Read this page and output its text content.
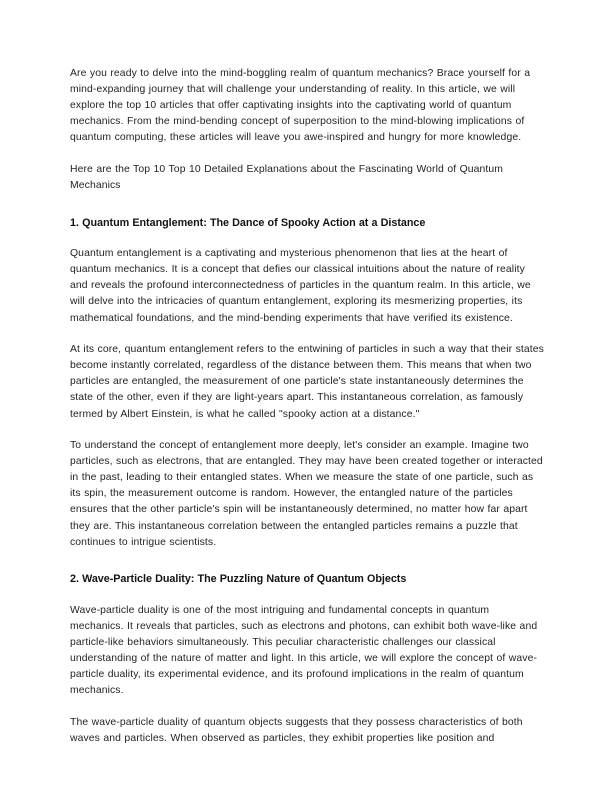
Are you ready to delve into the mind-boggling realm of quantum mechanics? Brace yourself for a mind-expanding journey that will challenge your understanding of reality. In this article, we will explore the top 10 articles that offer captivating insights into the captivating world of quantum mechanics. From the mind-bending concept of superposition to the mind-blowing implications of quantum computing, these articles will leave you awe-inspired and hungry for more knowledge.

Here are the Top 10 Top 10 Detailed Explanations about the Fascinating World of Quantum Mechanics

1. Quantum Entanglement: The Dance of Spooky Action at a Distance

Quantum entanglement is a captivating and mysterious phenomenon that lies at the heart of quantum mechanics. It is a concept that defies our classical intuitions about the nature of reality and reveals the profound interconnectedness of particles in the quantum realm. In this article, we will delve into the intricacies of quantum entanglement, exploring its mesmerizing properties, its mathematical foundations, and the mind-bending experiments that have verified its existence.

At its core, quantum entanglement refers to the entwining of particles in such a way that their states become instantly correlated, regardless of the distance between them. This means that when two particles are entangled, the measurement of one particle's state instantaneously determines the state of the other, even if they are light-years apart. This instantaneous correlation, as famously termed by Albert Einstein, is what he called "spooky action at a distance."

To understand the concept of entanglement more deeply, let's consider an example. Imagine two particles, such as electrons, that are entangled. They may have been created together or interacted in the past, leading to their entangled states. When we measure the state of one particle, such as its spin, the measurement outcome is random. However, the entangled nature of the particles ensures that the other particle's spin will be instantaneously determined, no matter how far apart they are. This instantaneous correlation between the entangled particles remains a puzzle that continues to intrigue scientists.

2. Wave-Particle Duality: The Puzzling Nature of Quantum Objects

Wave-particle duality is one of the most intriguing and fundamental concepts in quantum mechanics. It reveals that particles, such as electrons and photons, can exhibit both wave-like and particle-like behaviors simultaneously. This peculiar characteristic challenges our classical understanding of the nature of matter and light. In this article, we will explore the concept of wave-particle duality, its experimental evidence, and its profound implications in the realm of quantum mechanics.

The wave-particle duality of quantum objects suggests that they possess characteristics of both waves and particles. When observed as particles, they exhibit properties like position and
